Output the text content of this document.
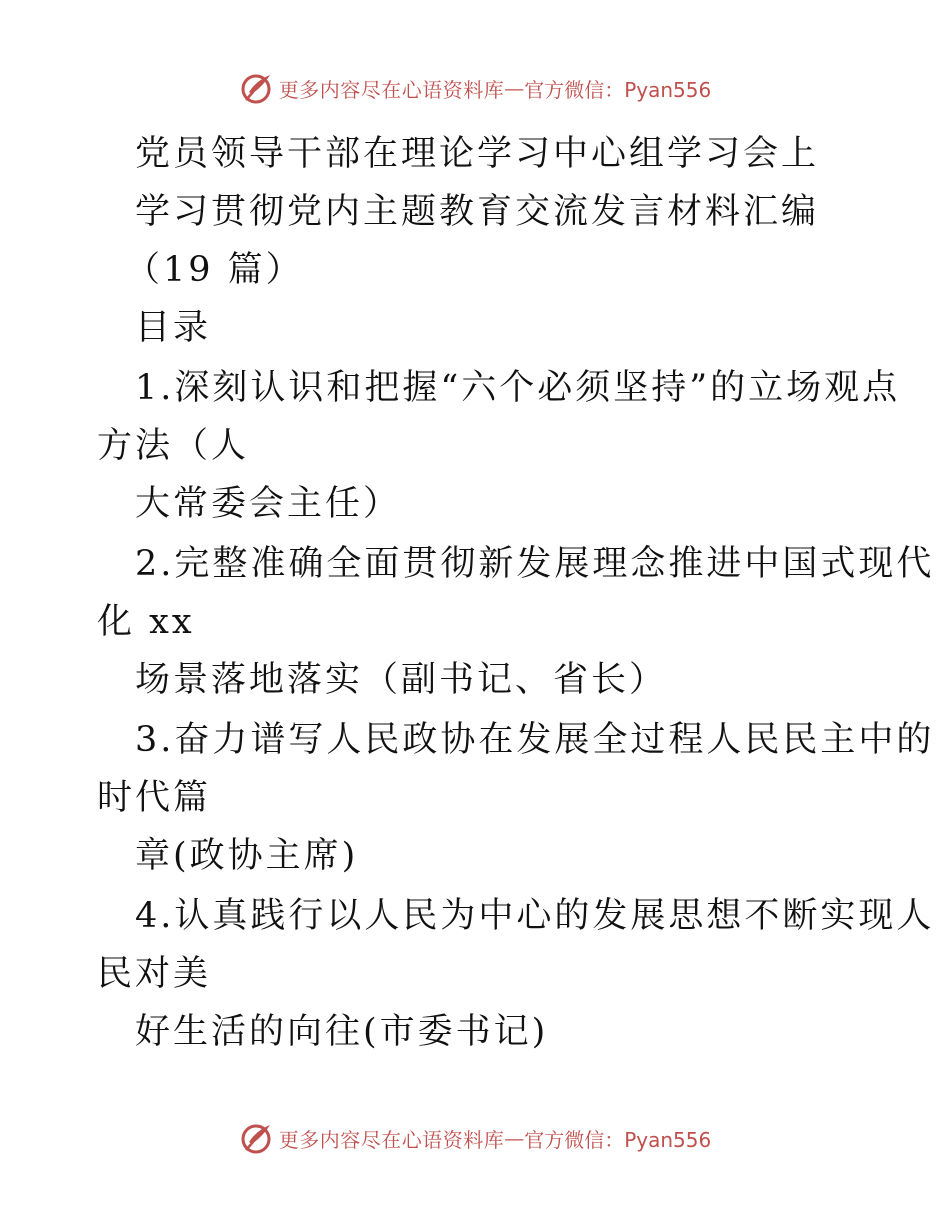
更多内容尽在心语资料库 — 官方微信：Pyan556
党员领导干部在理论学习中心组学习会上
学习贯彻党内主题教育交流发言材料汇编
（19 篇）
目录
1.深刻认识和把握“六个必须坚持”的立场观点
方法（人
大常委会主任）
2.完整准确全面贯彻新发展理念推进中国式现代
化 xx
场景落地落实（副书记、省长）
3.奋力谱写人民政协在发展全过程人民民主中的
时代篇
章(政协主席)
4.认真践行以人民为中心的发展思想不断实现人
民对美
好生活的向往(市委书记)
更多内容尽在心语资料库 — 官方微信：Pyan556
